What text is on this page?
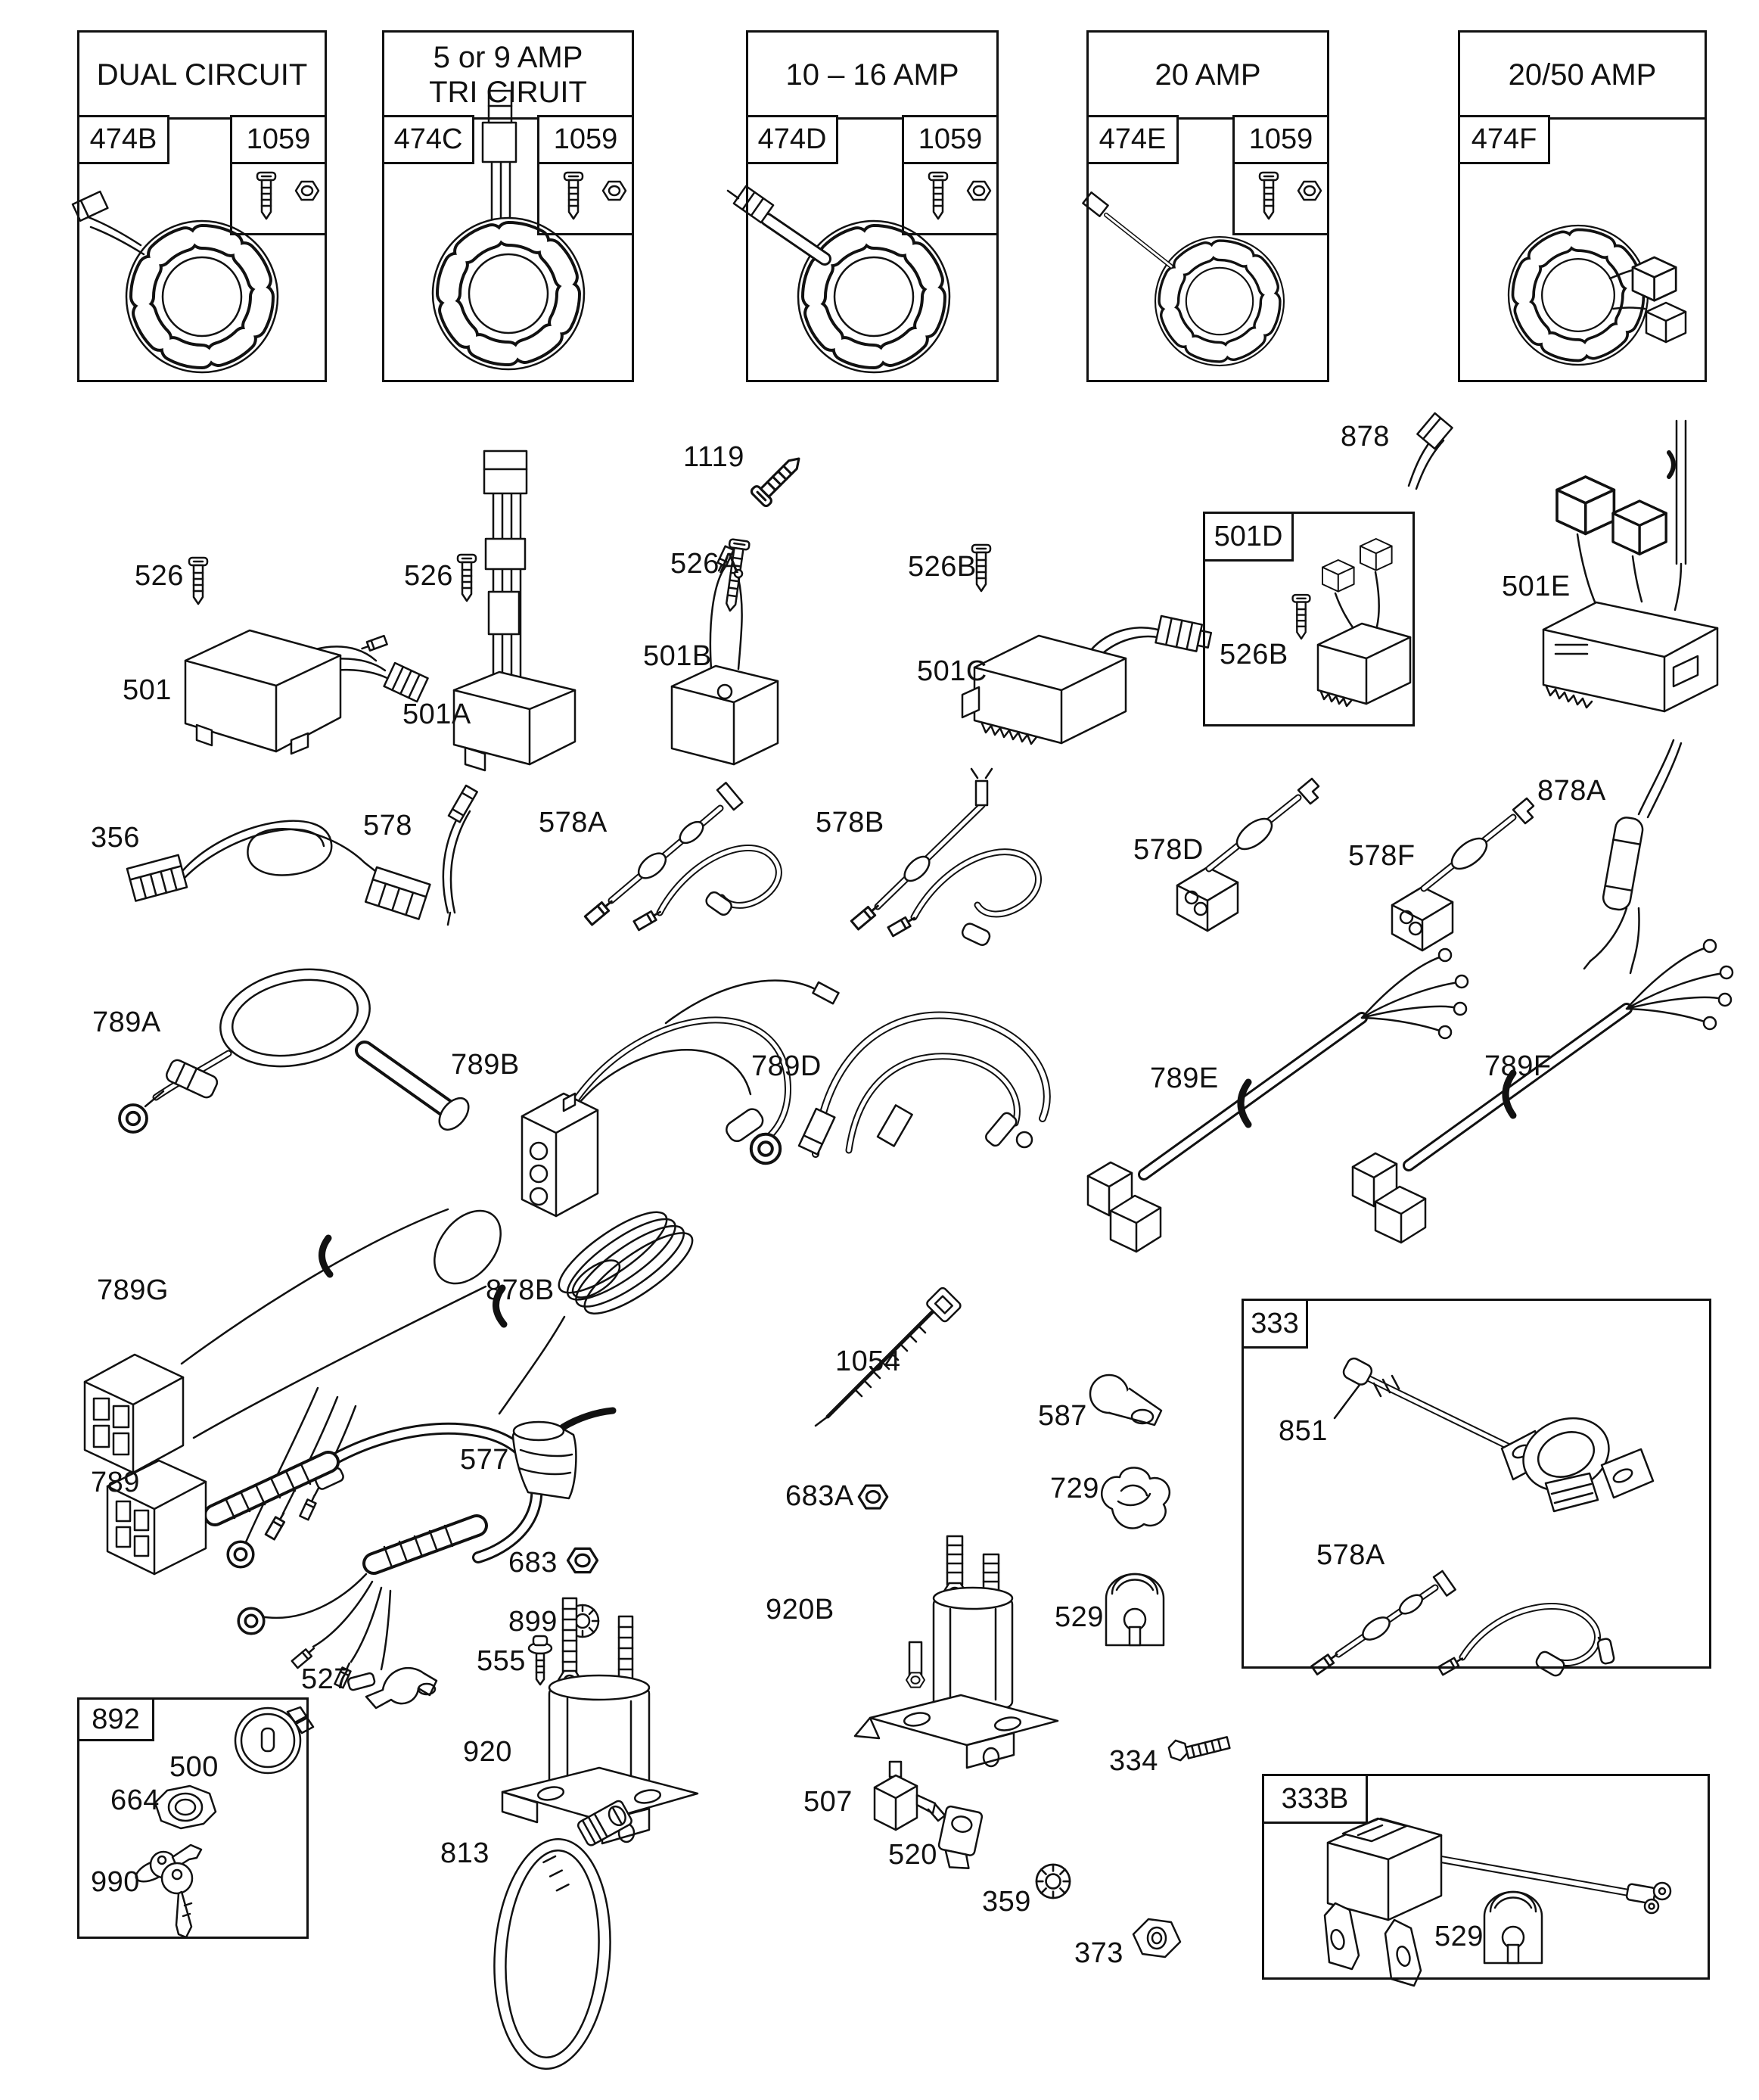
DUAL CIRCUIT
474B	1059
5 or 9 AMP
TRI CIRUIT
474C	1059
10 – 16 AMP
474D	1059
20 AMP
474E	1059
20/50 AMP
474F
501D
333
892
333B
1119
878
526
501
526
501A
526A
501B
526B
501C
526B
501E
356	578	578A	578B
578D	578F
878A
789A
789B	789D	789E	789F
789G	878B
1054
587	851
578A
789
577
683
899
683A	729
920B	529
555
527
920
500
664
990
813
507
334
520
359
373
529
